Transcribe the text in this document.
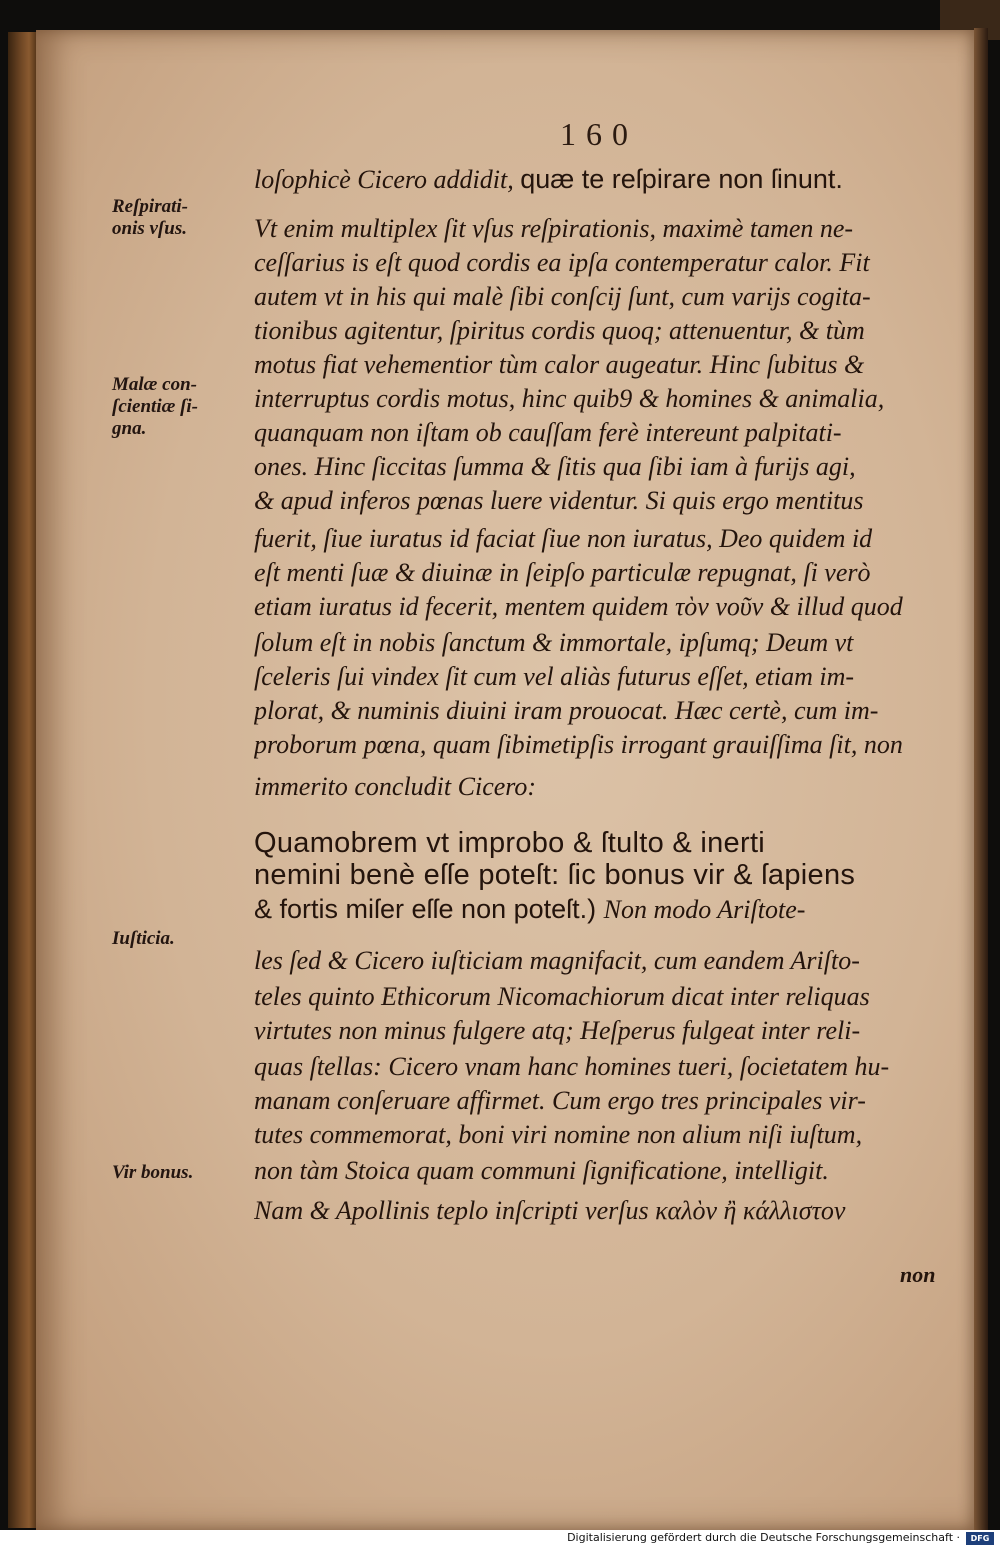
160
Reſpirati-
onis vſus.
Malæ con-
ſcientiæ ſi-
gna.
Iuſticia.
Vir bonus.
loſophicè Cicero addidit, quæ te reſpirare non ſinunt.
Vt enim multiplex ſit vſus reſpirationis, maximè tamen ne-
ceſſarius is eſt quod cordis ea ipſa contemperatur calor. Fit
autem vt in his qui malè ſibi conſcij ſunt, cum varijs cogita-
tionibus agitentur, ſpiritus cordis quoq; attenuentur, & tùm
motus fiat vehementior tùm calor augeatur. Hinc ſubitus &
interruptus cordis motus, hinc quib9 & homines & animalia,
quanquam non iſtam ob cauſſam ferè intereunt palpitati-
ones. Hinc ſiccitas ſumma & ſitis qua ſibi iam à furijs agi,
& apud inferos pœnas luere videntur. Si quis ergo mentitus
fuerit, ſiue iuratus id faciat ſiue non iuratus, Deo quidem id
eſt menti ſuæ & diuinæ in ſeipſo particulæ repugnat, ſi verò
etiam iuratus id fecerit, mentem quidem τὸν νοῦν & illud quod
ſolum eſt in nobis ſanctum & immortale, ipſumq; Deum vt
ſceleris ſui vindex ſit cum vel aliàs futurus eſſet, etiam im-
plorat, & numinis diuini iram prouocat. Hæc certè, cum im-
proborum pœna, quam ſibimetipſis irrogant grauiſſima ſit, non
immerito concludit Cicero:
Quamobrem vt improbo & ſtulto & inerti
nemini benè eſſe poteſt: ſic bonus vir & ſapiens
& fortis miſer eſſe non poteſt.) Non modo Ariſtote-
les ſed & Cicero iuſticiam magnifacit, cum eandem Ariſto-
teles quinto Ethicorum Nicomachiorum dicat inter reliquas
virtutes non minus fulgere atq; Heſperus fulgeat inter reli-
quas ſtellas: Cicero vnam hanc homines tueri, ſocietatem hu-
manam conſeruare affirmet. Cum ergo tres principales vir-
tutes commemorat, boni viri nomine non alium niſi iuſtum,
non tàm Stoica quam communi ſignificatione, intelligit.
Nam & Apollinis teplo inſcripti verſus καλὸν ἢ κάλλιστον
non
Digitalisierung gefördert durch die Deutsche Forschungsgemeinschaft ·	DFG
